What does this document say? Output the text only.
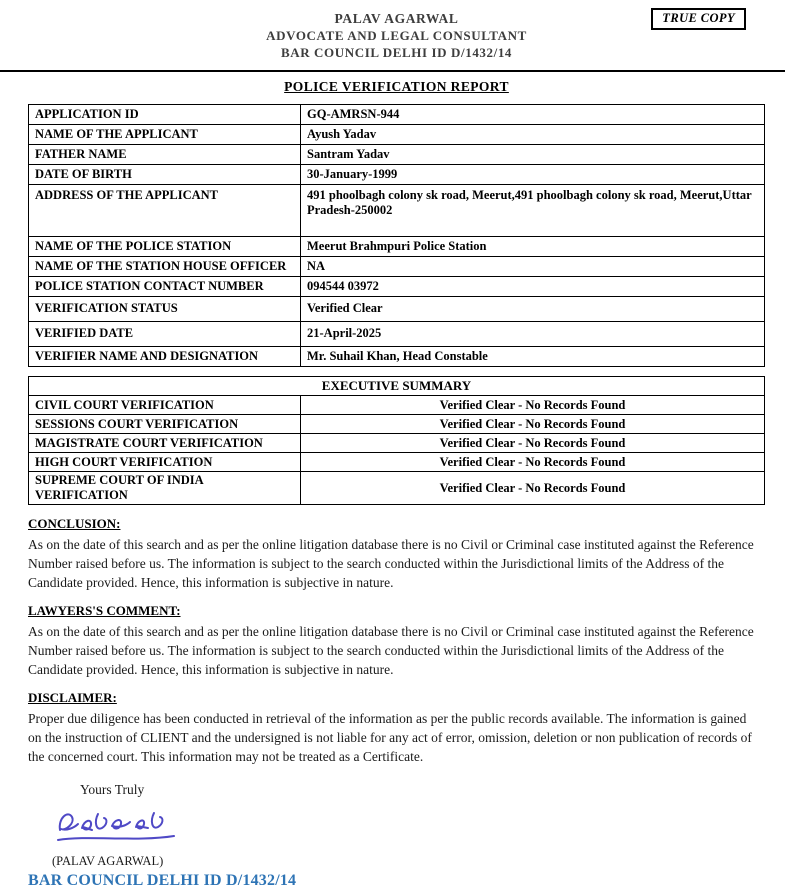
TRUE COPY
PALAV AGARWAL
ADVOCATE AND LEGAL CONSULTANT
BAR COUNCIL DELHI ID D/1432/14
POLICE VERIFICATION REPORT
APPLICATION ID	GQ-AMRSN-944
NAME OF THE APPLICANT	Ayush Yadav
FATHER NAME	Santram Yadav
DATE OF BIRTH	30-January-1999
ADDRESS OF THE APPLICANT	491 phoolbagh colony sk road, Meerut,491 phoolbagh colony sk road, Meerut,Uttar Pradesh-250002
NAME OF THE POLICE STATION	Meerut Brahmpuri Police Station
NAME OF THE STATION HOUSE OFFICER	NA
POLICE STATION CONTACT NUMBER	094544 03972
VERIFICATION STATUS	Verified Clear
VERIFIED DATE	21-April-2025
VERIFIER NAME AND DESIGNATION	Mr. Suhail Khan, Head Constable
EXECUTIVE SUMMARY	
CIVIL COURT VERIFICATION	Verified Clear - No Records Found
SESSIONS COURT VERIFICATION	Verified Clear - No Records Found
MAGISTRATE COURT VERIFICATION	Verified Clear - No Records Found
HIGH COURT VERIFICATION	Verified Clear - No Records Found
SUPREME COURT OF INDIA VERIFICATION	Verified Clear - No Records Found
CONCLUSION:

As on the date of this search and as per the online litigation database there is no Civil or Criminal case instituted against the Reference Number raised before us. The information is subject to the search conducted within the Jurisdictional limits of the Address of the Candidate provided. Hence, this information is subjective in nature.

LAWYERS'S COMMENT:

As on the date of this search and as per the online litigation database there is no Civil or Criminal case instituted against the Reference Number raised before us. The information is subject to the search conducted within the Jurisdictional limits of the Address of the Candidate provided. Hence, this information is subjective in nature.

DISCLAIMER:

Proper due diligence has been conducted in retrieval of the information as per the public records available. The information is gained on the instruction of CLIENT and the undersigned is not liable for any act of error, omission, deletion or non publication of records of the concerned court. This information may not be treated as a Certificate.

Yours Truly
(PALAV AGARWAL)
BAR COUNCIL DELHI ID D/1432/14
